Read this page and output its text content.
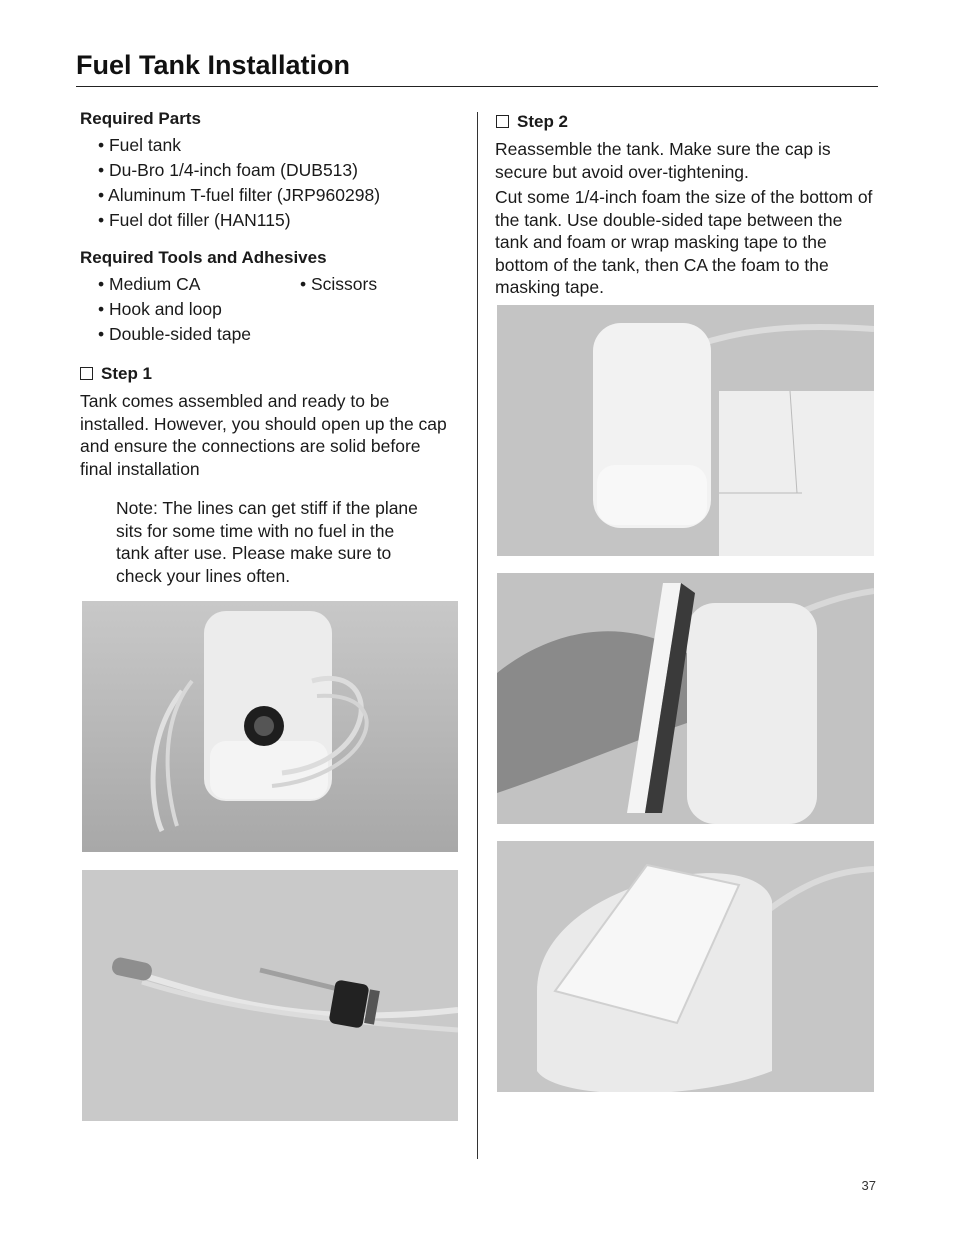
Fuel Tank Installation
Required Parts
• Fuel tank
• Du-Bro 1/4-inch foam (DUB513)
• Aluminum T-fuel filter (JRP960298)
• Fuel dot filler (HAN115)
Required Tools and Adhesives
• Medium CA	• Scissors
• Hook and loop
• Double-sided tape
Step 1
Tank comes assembled and ready to be installed. However, you should open up the cap and ensure the connections are solid before final installation
Note: The lines can get stiff if the plane sits for some time with no fuel in the tank after use. Please make sure to check your lines often.
Step 2
Reassemble the tank. Make sure the cap is secure but avoid over-tightening.
Cut some 1/4-inch foam the size of the bottom of the tank. Use double-sided tape between the tank and foam or wrap masking tape to the bottom of the tank, then CA the foam to the masking tape.
37
